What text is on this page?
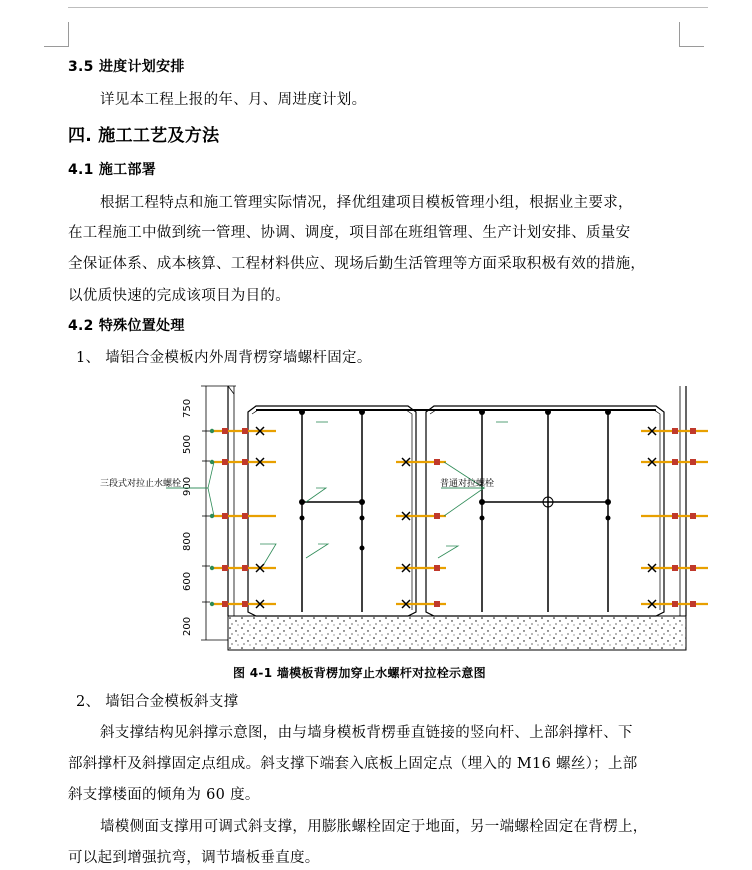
3.5 进度计划安排
详见本工程上报的年、月、周进度计划。
四. 施工工艺及方法
4.1 施工部署
根据工程特点和施工管理实际情况，择优组建项目模板管理小组，根据业主要求，
在工程施工中做到统一管理、协调、调度，项目部在班组管理、生产计划安排、质量安
全保证体系、成本核算、工程材料供应、现场后勤生活管理等方面采取积极有效的措施，
以优质快速的完成该项目为目的。
4.2 特殊位置处理
1、 墙铝合金模板内外周背楞穿墙螺杆固定。
750
500
900
800
600
200
三段式对拉止水螺栓	普通对拉螺栓
图 4-1 墙模板背楞加穿止水螺杆对拉栓示意图
2、 墙铝合金模板斜支撑
斜支撑结构见斜撑示意图，由与墙身模板背楞垂直链接的竖向杆、上部斜撑杆、下
部斜撑杆及斜撑固定点组成。斜支撑下端套入底板上固定点（埋入的 M16 螺丝）；上部
斜支撑楼面的倾角为 60 度。
墙模侧面支撑用可调式斜支撑，用膨胀螺栓固定于地面，另一端螺栓固定在背楞上，
可以起到增强抗弯，调节墙板垂直度。
